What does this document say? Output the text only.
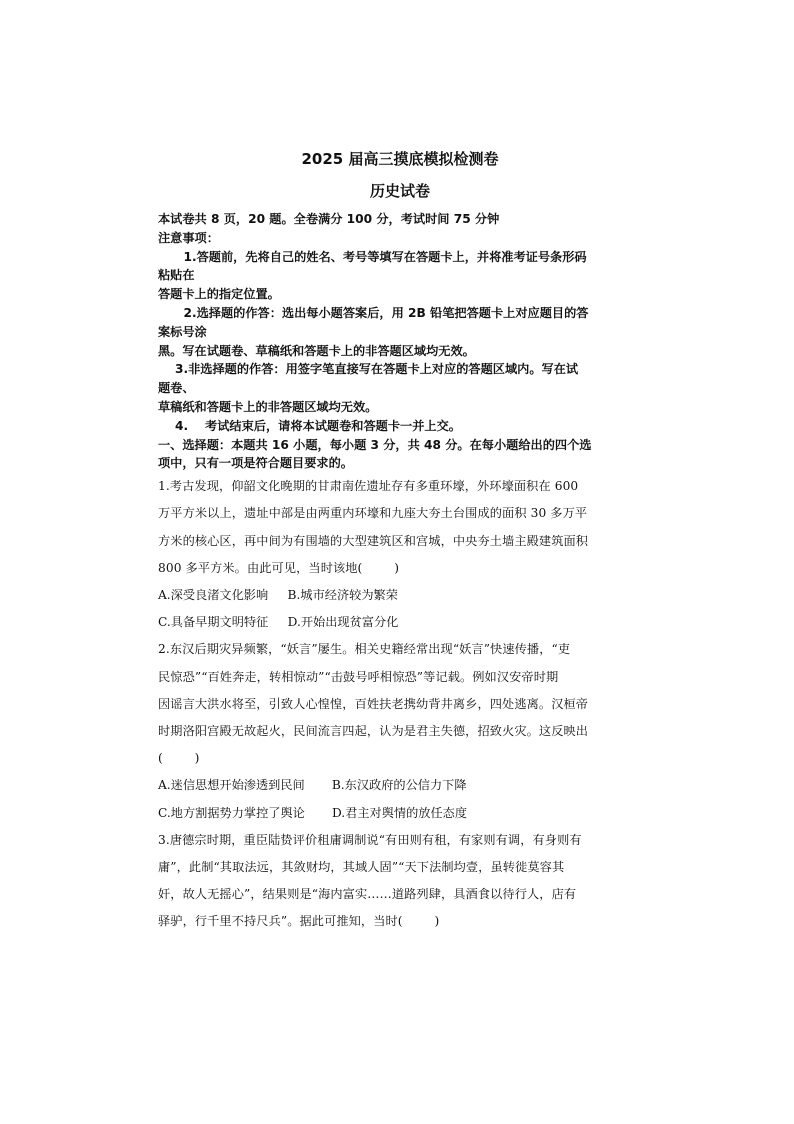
2025 届高三摸底模拟检测卷

历史试卷

本试卷共 8 页，20 题。全卷满分 100 分，考试时间 75 分钟

注意事项：

1.答题前，先将自己的姓名、考号等填写在答题卡上，并将准考证号条形码

粘贴在

答题卡上的指定位置。

2.选择题的作答：选出每小题答案后，用 2B 铅笔把答题卡上对应题目的答

案标号涂

黑。写在试题卷、草稿纸和答题卡上的非答题区域均无效。

3.非选择题的作答：用签字笔直接写在答题卡上对应的答题区域内。写在试

题卷、

草稿纸和答题卡上的非答题区域均无效。

4.    考试结束后，请将本试题卷和答题卡一并上交。

一、选择题：本题共 16 小题，每小题 3 分，共 48 分。在每小题给出的四个选

项中，只有一项是符合题目要求的。

1.考古发现，仰韶文化晚期的甘肃南佐遗址存有多重环壕，外环壕面积在 600

万平方米以上，遗址中部是由两重内环壕和九座大夯土台围成的面积 30 多万平

方米的核心区，再中间为有围墙的大型建筑区和宫城，中央夯土墙主殿建筑面积

800 多平方米。由此可见，当时该地(        )

A.深受良渚文化影响     B.城市经济较为繁荣

C.具备早期文明特征     D.开始出现贫富分化

2.东汉后期灾异频繁，“妖言”屡生。相关史籍经常出现“妖言”快速传播，“吏

民惊恐”“百姓奔走，转相惊动”“击鼓号呼相惊恐”等记载。例如汉安帝时期

因谣言大洪水将至，引致人心惶惶，百姓扶老携幼背井离乡，四处逃离。汉桓帝

时期洛阳宫殿无故起火，民间流言四起，认为是君主失德，招致火灾。这反映出

(        )

A.迷信思想开始渗透到民间       B.东汉政府的公信力下降

C.地方割据势力掌控了舆论       D.君主对舆情的放任态度

3.唐德宗时期，重臣陆贽评价租庸调制说“有田则有租，有家则有调，有身则有

庸”，此制“其取法远，其敛财均，其域人固”“天下法制均壹，虽转徙莫容其

奸，故人无摇心”，结果则是“海内富实……道路列肆，具酒食以待行人，店有

驿驴，行千里不持尺兵”。据此可推知，当时(        )
